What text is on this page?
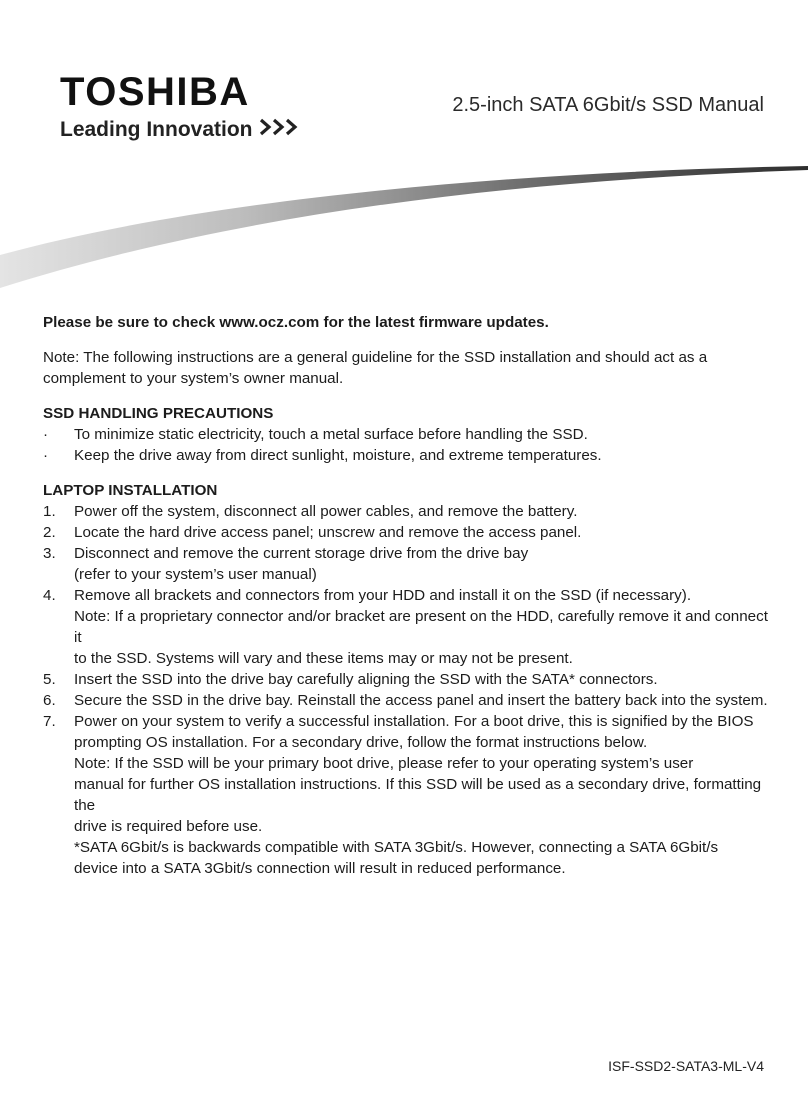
TOSHIBA
Leading Innovation
2.5-inch SATA 6Gbit/s SSD Manual

Please be sure to check www.ocz.com for the latest firmware updates.

Note: The following instructions are a general guideline for the SSD installation and should act as a complement to your system’s owner manual.

SSD HANDLING PRECAUTIONS

·	To minimize static electricity, touch a metal surface before handling the SSD.
·	Keep the drive away from direct sunlight, moisture, and extreme temperatures.

LAPTOP INSTALLATION

1.	Power off the system, disconnect all power cables, and remove the battery.
2.	Locate the hard drive access panel; unscrew and remove the access panel.
3.	Disconnect and remove the current storage drive from the drive bay
(refer to your system’s user manual)
4.	Remove all brackets and connectors from your HDD and install it on the SSD (if necessary).
Note: If a proprietary connector and/or bracket are present on the HDD, carefully remove it and connect it
to the SSD. Systems will vary and these items may or may not be present.
5.	Insert the SSD into the drive bay carefully aligning the SSD with the SATA* connectors.
6.	Secure the SSD in the drive bay. Reinstall the access panel and insert the battery back into the system.
7.	Power on your system to verify a successful installation. For a boot drive, this is signified by the BIOS
prompting OS installation. For a secondary drive, follow the format instructions below.
Note: If the SSD will be your primary boot drive, please refer to your operating system’s user
manual for further OS installation instructions. If this SSD will be used as a secondary drive, formatting the
drive is required before use.
*SATA 6Gbit/s is backwards compatible with SATA 3Gbit/s. However, connecting a SATA 6Gbit/s
device into a SATA 3Gbit/s connection will result in reduced performance.
ISF-SSD2-SATA3-ML-V4
